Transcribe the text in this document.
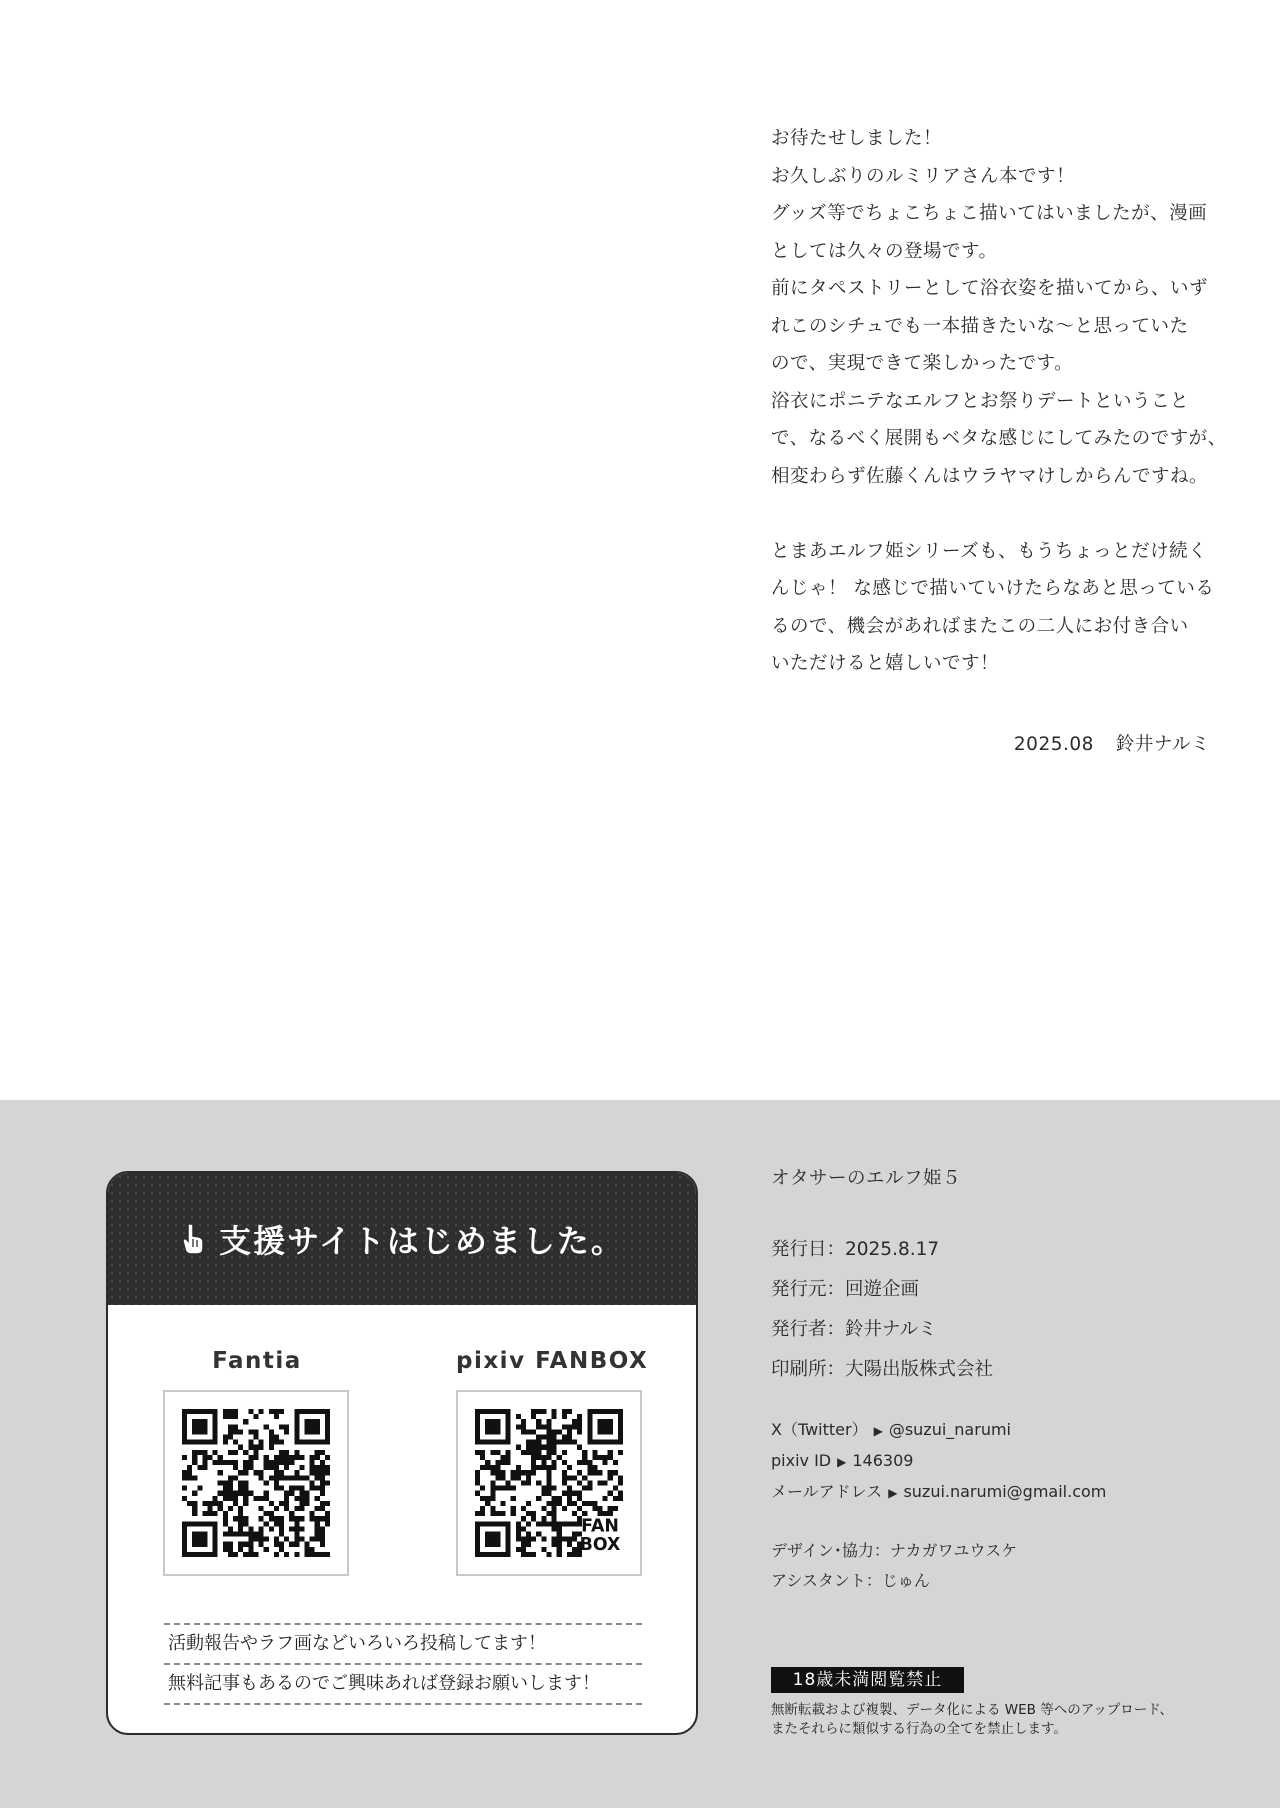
お待たせしました！

お久しぶりのルミリアさん本です！

グッズ等でちょこちょこ描いてはいましたが、漫画

としては久々の登場です。

前にタペストリーとして浴衣姿を描いてから、いず

れこのシチュでも一本描きたいな～と思っていた

ので、実現できて楽しかったです。

浴衣にポニテなエルフとお祭りデートということ

で、なるべく展開もベタな感じにしてみたのですが、

相変わらず佐藤くんはウラヤマけしからんですね。

とまあエルフ姫シリーズも、もうちょっとだけ続く

んじゃ！ な感じで描いていけたらなあと思っている

るので、機会があればまたこの二人にお付き合い

いただけると嬉しいです！

2025.08 鈴井ナルミ
支援サイトはじめました。
Fantia	pixiv FANBOX
FAN
BOX
活動報告やラフ画などいろいろ投稿してます！
無料記事もあるのでご興味あれば登録お願いします！
オタサーのエルフ姫５
発行日：2025.8.17
発行元：回遊企画
発行者：鈴井ナルミ
印刷所：大陽出版株式会社
X（Twitter） ▶ @suzui_narumi
pixiv ID ▶ 146309
メールアドレス ▶ suzui.narumi@gmail.com
デザイン･協力：ナカガワユウスケ
アシスタント：じゅん
18歳未満閲覧禁止
無断転載および複製、データ化による WEB 等へのアップロード、
またそれらに類似する行為の全てを禁止します。
